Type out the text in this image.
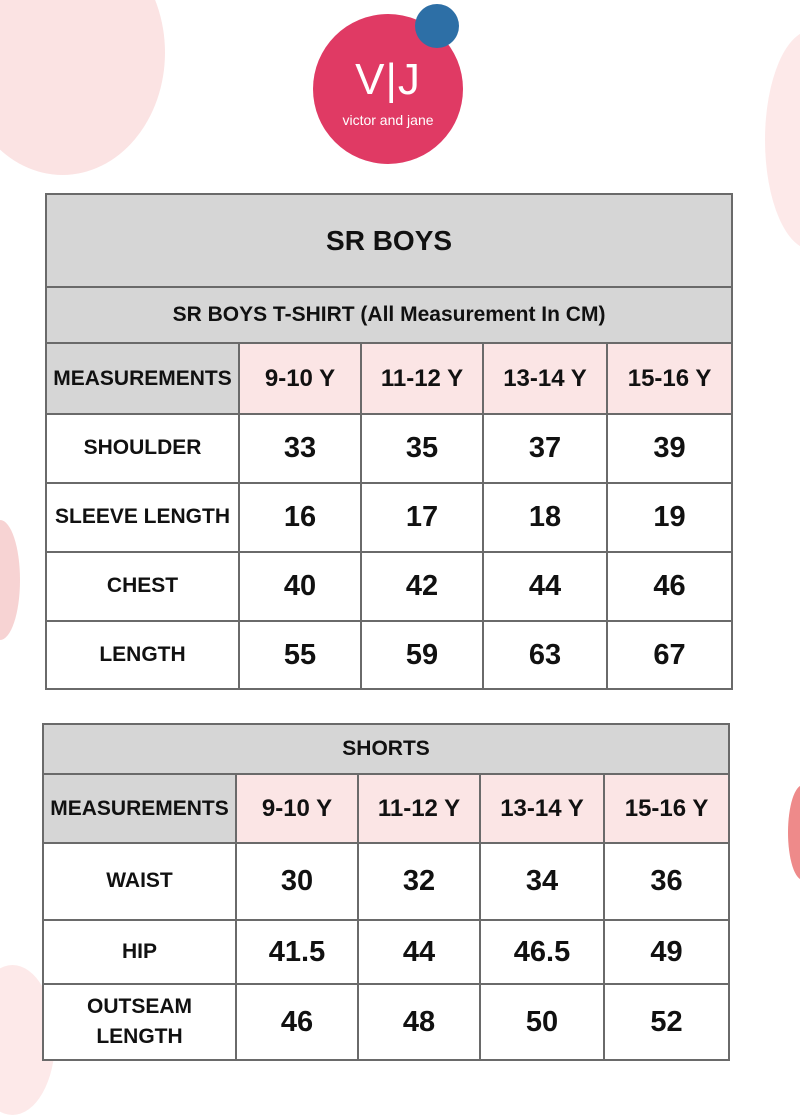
V|J
victor and jane
SR BOYS				
SR BOYS T-SHIRT (All Measurement In CM)				
MEASUREMENTS	9-10 Y	11-12 Y	13-14 Y	15-16 Y
SHOULDER	33	35	37	39
SLEEVE LENGTH	16	17	18	19
CHEST	40	42	44	46
LENGTH	55	59	63	67
SHORTS				
MEASUREMENTS	9-10 Y	11-12 Y	13-14 Y	15-16 Y
WAIST	30	32	34	36
HIP	41.5	44	46.5	49

OUTSEAM
LENGTH	46	48	50	52
